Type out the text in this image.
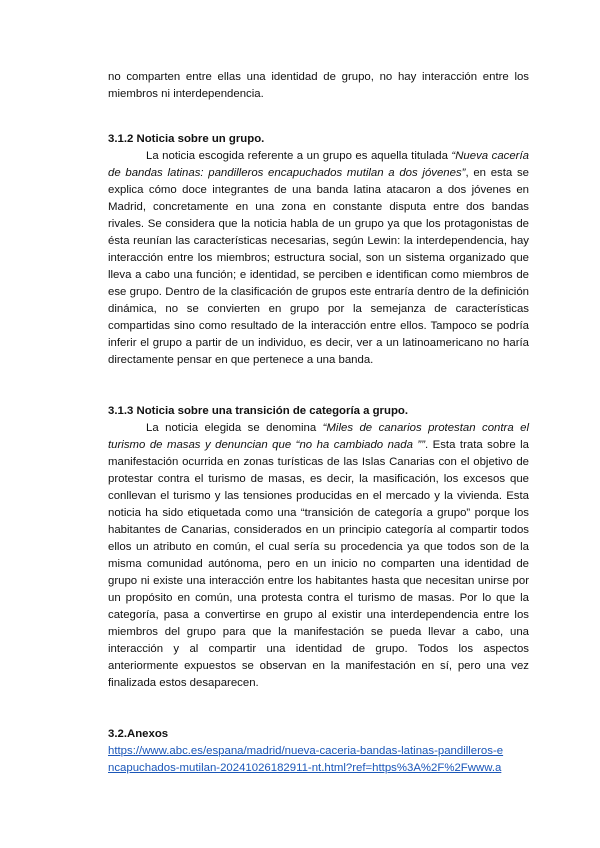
no comparten entre ellas una identidad de grupo, no hay interacción entre los miembros ni interdependencia.

3.1.2 Noticia sobre un grupo.

La noticia escogida referente a un grupo es aquella titulada “Nueva cacería de bandas latinas: pandilleros encapuchados mutilan a dos jóvenes”, en esta se explica cómo doce integrantes de una banda latina atacaron a dos jóvenes en Madrid, concretamente en una zona en constante disputa entre dos bandas rivales. Se considera que la noticia habla de un grupo ya que los protagonistas de ésta reunían las características necesarias, según Lewin: la interdependencia, hay interacción entre los miembros; estructura social, son un sistema organizado que lleva a cabo una función; e identidad, se perciben e identifican como miembros de ese grupo. Dentro de la clasificación de grupos este entraría dentro de la definición dinámica, no se convierten en grupo por la semejanza de características compartidas sino como resultado de la interacción entre ellos. Tampoco se podría inferir el grupo a partir de un individuo, es decir, ver a un latinoamericano no haría directamente pensar en que pertenece a una banda.

3.1.3 Noticia sobre una transición de categoría a grupo.

La noticia elegida se denomina “Miles de canarios protestan contra el turismo de masas y denuncian que “no ha cambiado nada ””. Esta trata sobre la manifestación ocurrida en zonas turísticas de las Islas Canarias con el objetivo de protestar contra el turismo de masas, es decir, la masificación, los excesos que conllevan el turismo y las tensiones producidas en el mercado y la vivienda. Esta noticia ha sido etiquetada como una “transición de categoría a grupo” porque los habitantes de Canarias, considerados en un principio categoría al compartir todos ellos un atributo en común, el cual sería su procedencia ya que todos son de la misma comunidad autónoma, pero en un inicio no comparten una identidad de grupo ni existe una interacción entre los habitantes hasta que necesitan unirse por un propósito en común, una protesta contra el turismo de masas. Por lo que la categoría, pasa a convertirse en grupo al existir una interdependencia entre los miembros del grupo para que la manifestación se pueda llevar a cabo, una interacción y al compartir una identidad de grupo. Todos los aspectos anteriormente expuestos se observan en la manifestación en sí, pero una vez finalizada estos desaparecen.

3.2.Anexos
https://www.abc.es/espana/madrid/nueva-caceria-bandas-latinas-pandilleros-e
ncapuchados-mutilan-20241026182911-nt.html?ref=https%3A%2F%2Fwww.a
